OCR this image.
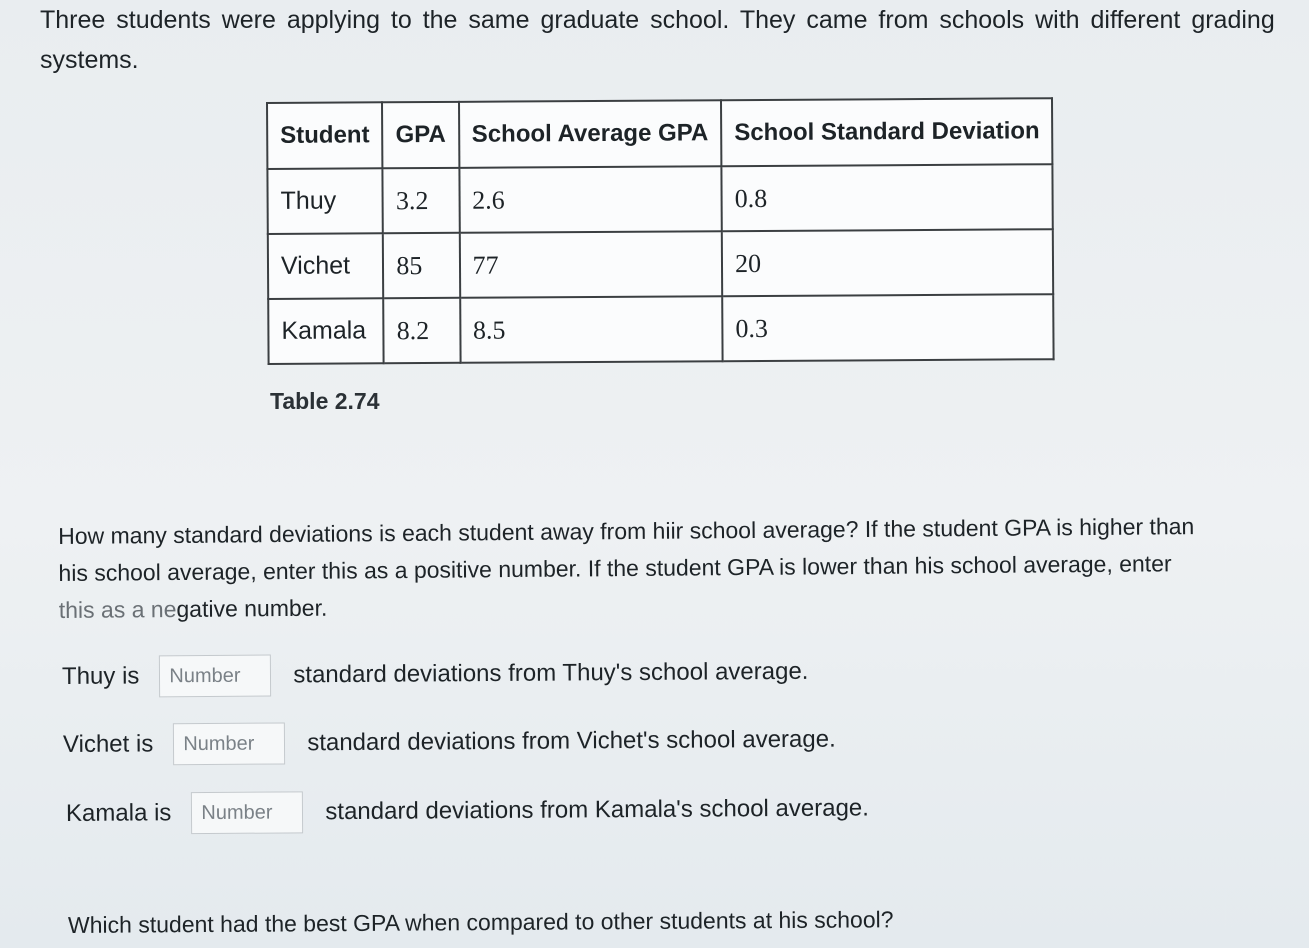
Three students were applying to the same graduate school. They came from schools with different grading
systems.
Student	GPA	School Average GPA	School Standard Deviation
Thuy	3.2	2.6	0.8
Vichet	85	77	20
Kamala	8.2	8.5	0.3
Table 2.74
How many standard deviations is each student away from hiir school average? If the student GPA is higher than
his school average, enter this as a positive number. If the student GPA is lower than his school average, enter
this as a negative number.
Thuy is
Number	standard deviations from Thuy's school average.
Vichet is
Number	standard deviations from Vichet's school average.
Kamala is
Number	standard deviations from Kamala's school average.
Which student had the best GPA when compared to other students at his school?
